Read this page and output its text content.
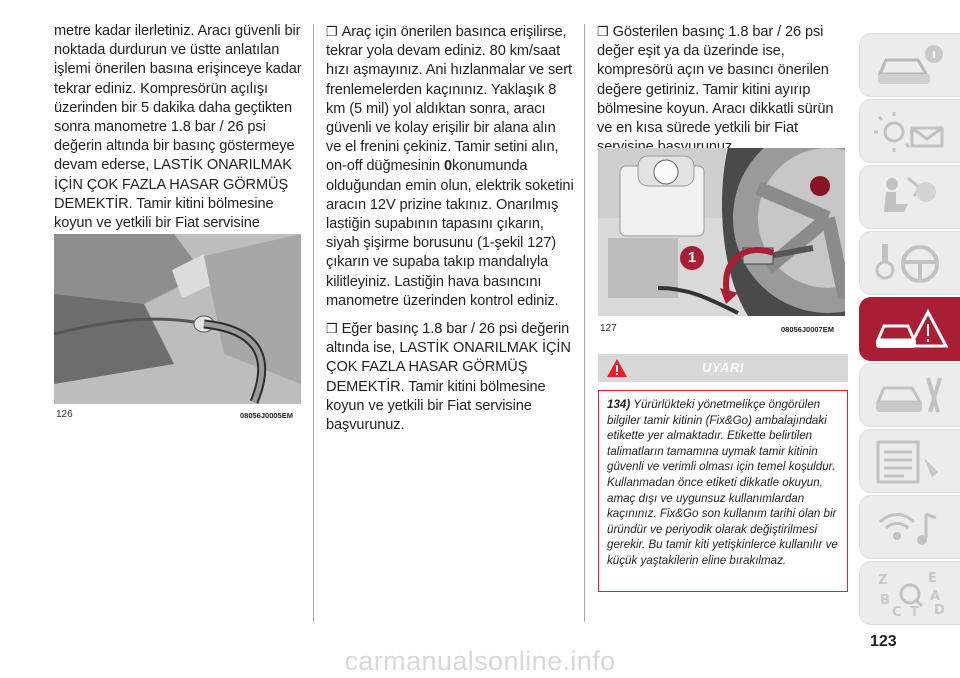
metre kadar ilerletiniz. Aracı güvenli bir noktada durdurun ve üstte anlatılan işlemi önerilen basına erişinceye kadar tekrar ediniz. Kompresörün açılışı üzerinden bir 5 dakika daha geçtikten sonra manometre 1.8 bar / 26 psi değerin altında bir basınç göstermeye devam ederse, LASTİK ONARILMAK İÇİN ÇOK FAZLA HASAR GÖRMÜŞ DEMEKTİR. Tamir kitini bölmesine koyun ve yetkili bir Fiat servisine

126	08056J0005EM

❒ Araç için önerilen basınca erişilirse, tekrar yola devam ediniz. 80 km/saat hızı aşmayınız. Ani hızlanmalar ve sert frenlemelerden kaçınınız. Yaklaşık 8 km (5 mil) yol aldıktan sonra, aracı güvenli ve kolay erişilir bir alana alın ve el frenini çekiniz. Tamir setini alın, on-off düğmesinin 0konumunda olduğundan emin olun, elektrik soketini aracın 12V prizine takınız. Onarılmış lastiğin supabının tapasını çıkarın, siyah şişirme borusunu (1-şekil 127) çıkarın ve supaba takıp mandalıyla kilitleyiniz. Lastiğin hava basıncını manometre üzerinden kontrol ediniz.

❒ Eğer basınç 1.8 bar / 26 psi değerin altında ise, LASTİK ONARILMAK İÇİN ÇOK FAZLA HASAR GÖRMÜŞ DEMEKTİR. Tamir kitini bölmesine koyun ve yetkili bir Fiat servisine başvurunuz.

❒ Gösterilen basınç 1.8 bar / 26 psi değer eşit ya da üzerinde ise, kompresörü açın ve basıncı önerilen değere getiriniz. Tamir kitini ayırıp bölmesine koyun. Aracı dikkatli sürün ve en kısa sürede yetkili bir Fiat

1
127	08056J0007EM
UYARI
134) Yürürlükteki yönetmelikçe öngörülen bilgiler tamir kitinin (Fix&Go) ambalajındaki etikette yer almaktadır. Etikette belirtilen talimatların tamamına uymak tamir kitinin güvenli ve verimli olması için temel koşuldur. Kullanmadan önce etiketi dikkatle okuyun, amaç dışı ve uygunsuz kullanımlardan kaçınınız. Fix&Go son kullanım tarihi olan bir üründür ve periyodik olarak değiştirilmesi gerekir. Bu tamir kiti yetişkinlerce kullanılır ve küçük yaştakilerin eline bırakılmaz.
Z	E
B	A
C T D
123
carmanualsonline.info
